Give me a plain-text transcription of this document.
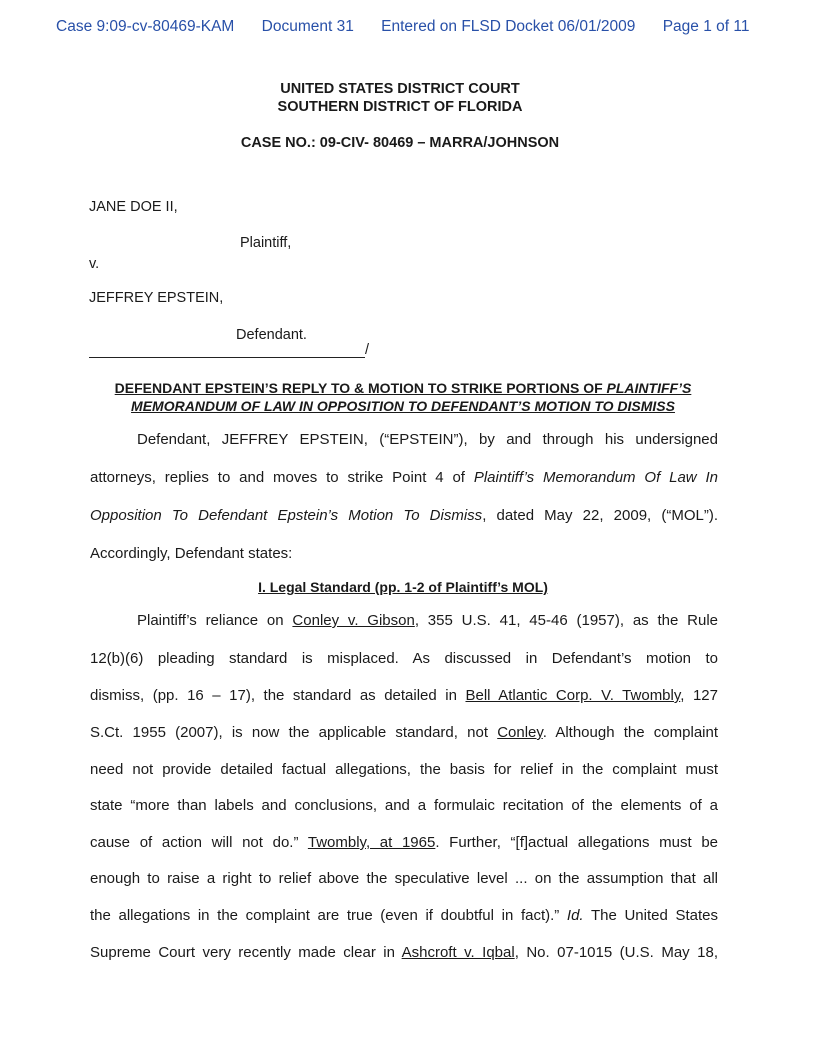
Case 9:09-cv-80469-KAM Document 31 Entered on FLSD Docket 06/01/2009 Page 1 of 11
UNITED STATES DISTRICT COURT
SOUTHERN DISTRICT OF FLORIDA
CASE NO.: 09-CIV- 80469 – MARRA/JOHNSON
JANE DOE II,
Plaintiff,
v.
JEFFREY EPSTEIN,
Defendant.
/
DEFENDANT EPSTEIN’S REPLY TO & MOTION TO STRIKE PORTIONS OF PLAINTIFF’S
MEMORANDUM OF LAW IN OPPOSITION TO DEFENDANT’S MOTION TO DISMISS
Defendant, JEFFREY EPSTEIN, (“EPSTEIN”), by and through his undersigned
attorneys, replies to and moves to strike Point 4 of Plaintiff’s Memorandum Of Law In
Opposition To Defendant Epstein’s Motion To Dismiss, dated May 22, 2009, (“MOL”).
Accordingly, Defendant states:
I. Legal Standard (pp. 1-2 of Plaintiff’s MOL)
Plaintiff’s reliance on Conley v. Gibson, 355 U.S. 41, 45-46 (1957), as the Rule
12(b)(6) pleading standard is misplaced. As discussed in Defendant’s motion to
dismiss, (pp. 16 – 17), the standard as detailed in Bell Atlantic Corp. V. Twombly, 127
S.Ct. 1955 (2007), is now the applicable standard, not Conley. Although the complaint
need not provide detailed factual allegations, the basis for relief in the complaint must
state “more than labels and conclusions, and a formulaic recitation of the elements of a
cause of action will not do.” Twombly, at 1965. Further, “[f]actual allegations must be
enough to raise a right to relief above the speculative level ... on the assumption that all
the allegations in the complaint are true (even if doubtful in fact).” Id. The United States
Supreme Court very recently made clear in Ashcroft v. Iqbal, No. 07-1015 (U.S. May 18,
